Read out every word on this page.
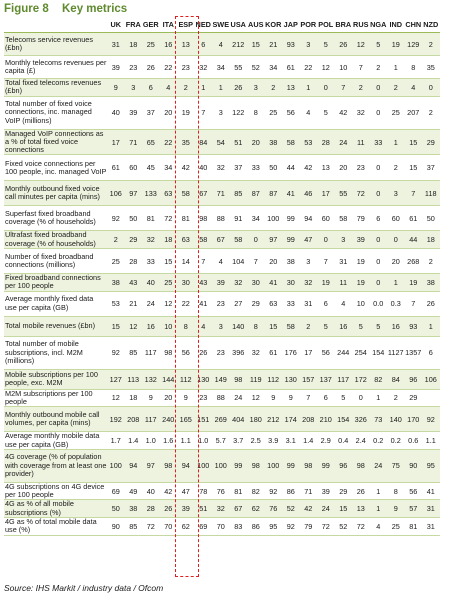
Figure 8 Key metrics
	UK	FRA	GER	ITA	ESP	NED	SWE	USA	AUS	KOR	JAP	POR	POL	BRA	RUS	NGA	IND	CHN	NZD
Telecoms service revenues (£bn)	31	18	25	16	13	6	4	212	15	21	93	3	5	26	12	5	19	129	2
Monthly telecoms revenues per capita (£)	39	23	26	22	23	32	34	55	52	34	61	22	12	10	7	2	1	8	35
Total fixed telecoms revenues (£bn)	9	3	6	4	2	1	1	26	3	2	13	1	0	7	2	0	2	4	0
Total number of fixed voice connections, inc. managed VoIP (millions)	40	39	37	20	19	7	3	122	8	25	56	4	5	42	32	0	25	207	2
Managed VoIP connections as a % of total fixed voice connections	17	71	65	22	35	84	54	51	20	38	58	53	28	24	11	33	1	15	29
Fixed voice connections per 100 people, inc. managed VoIP	61	60	45	34	42	40	32	37	33	50	44	42	13	20	23	0	2	15	37
Monthly outbound fixed voice call minutes per capita (mins)	106	97	133	63	58	67	71	85	87	87	41	46	17	55	72	0	3	7	118
Superfast fixed broadband coverage (% of households)	92	50	81	72	81	98	88	91	34	100	99	94	60	58	79	6	60	61	50
Ultrafast fixed broadband coverage (% of households)	2	29	32	18	63	58	67	58	0	97	99	47	0	3	39	0	0	44	18
Number of fixed broadband connections (millions)	25	28	33	15	14	7	4	104	7	20	38	3	7	31	19	0	20	268	2
Fixed broadband connections per 100 people	38	43	40	25	30	43	39	32	30	41	30	32	19	11	19	0	1	19	38
Average monthly fixed data use per capita (GB)	53	21	24	12	22	41	23	27	29	63	33	31	6	4	10	0.0	0.3	7	26
Total mobile revenues (£bn)	15	12	16	10	8	4	3	140	8	15	58	2	5	16	5	5	16	93	1
Total number of mobile subscriptions, incl. M2M (millions)	92	85	117	98	56	26	23	396	32	61	176	17	56	244	254	154	1127	1357	6
Mobile subscriptions per 100 people, exc. M2M	127	113	132	144	112	130	149	98	119	112	130	157	137	117	172	82	84	96	106
M2M subscriptions per 100 people	12	18	9	20	9	23	88	24	12	9	9	7	6	5	0	1	2	29	
Monthly outbound mobile call volumes, per capita (mins)	192	208	117	240	165	151	269	404	180	212	174	208	210	154	326	73	140	170	92
Average monthly mobile data use per capita (GB)	1.7	1.4	1.0	1.6	1.1	1.0	5.7	3.7	2.5	3.9	3.1	1.4	2.9	0.4	2.4	0.2	0.2	0.6	1.1
4G coverage (% of population with coverage from at least one provider)	100	94	97	98	94	100	100	99	98	100	99	98	99	96	98	24	75	90	95
4G subscriptions on 4G device per 100 people	69	49	40	42	47	78	76	81	82	92	86	71	39	29	26	1	8	56	41
4G as % of all mobile subscriptions (%)	50	38	28	26	39	51	32	67	62	76	52	42	24	15	13	1	9	57	31
4G as % of total mobile data use (%)	90	85	72	70	62	69	70	83	86	95	92	79	72	52	72	4	25	81	31
Source: IHS Markit / industry data / Ofcom
